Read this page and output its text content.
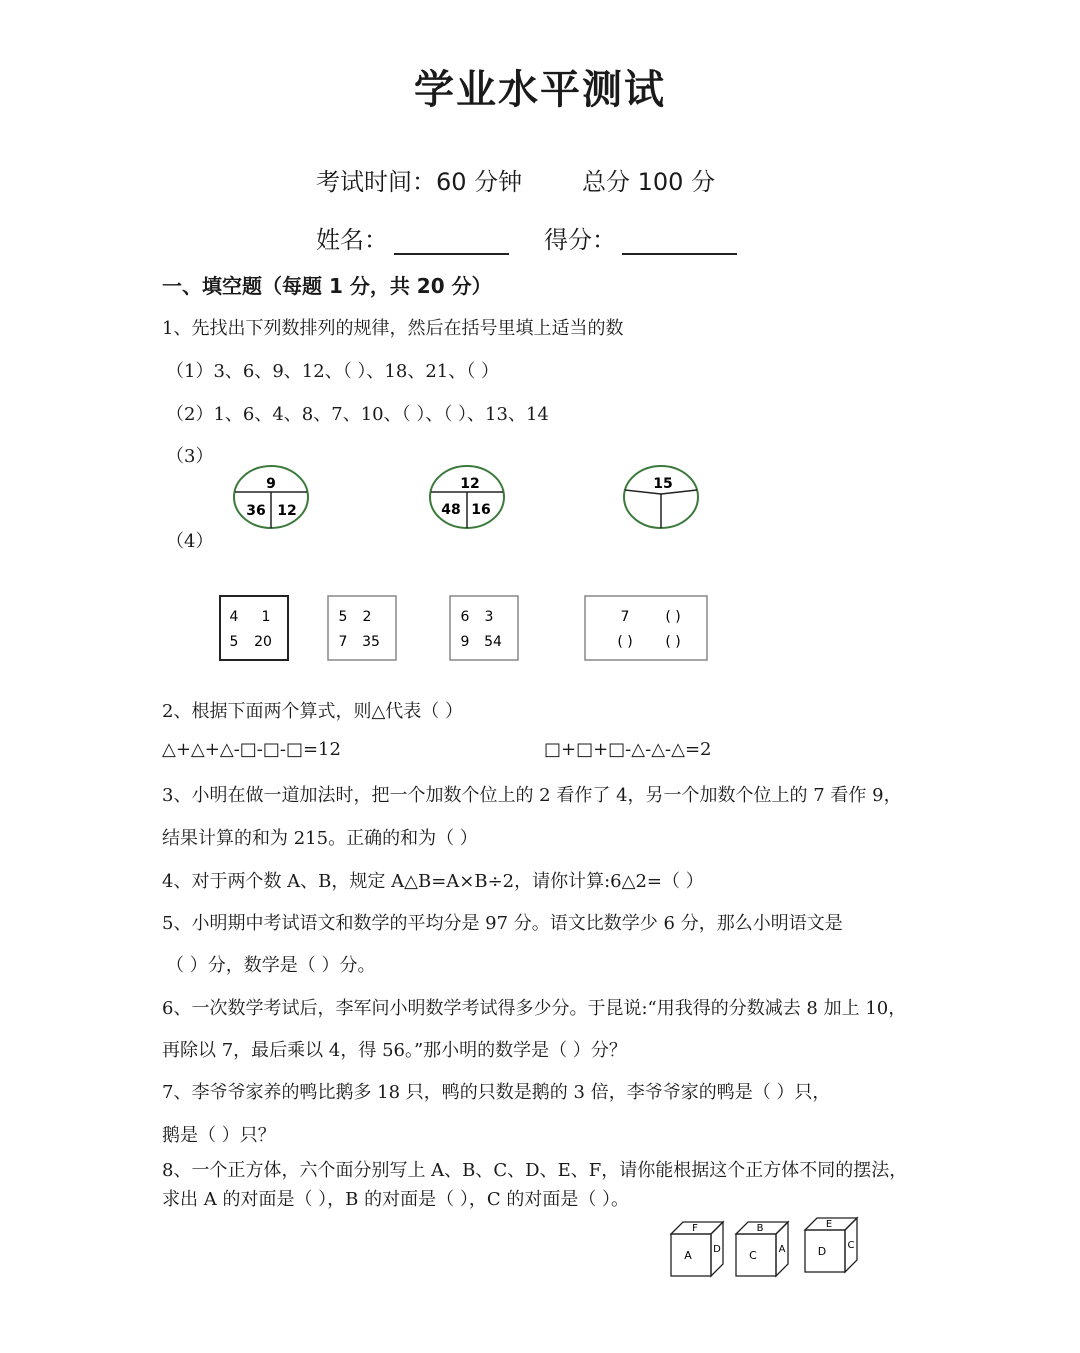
学业水平测试
考试时间：60 分钟 总分 100 分
姓名：	得分：
一、填空题（每题 1 分，共 20 分）
1、先找出下列数排列的规律，然后在括号里填上适当的数
（1）3、6、9、12、（ ）、18、21、（ ）
（2）1、6、4、8、7、10、（ ）、（ ）、13、14
（3）
（4）
9
36 12
12
48 16
15
4 1
5 20
5 2
7 35
6 3
9 54
7	( )
( ) ( )
2、根据下面两个算式，则△代表（ ）
△+△+△-□-□-□=12	□+□+□-△-△-△=2
3、小明在做一道加法时，把一个加数个位上的 2 看作了 4，另一个加数个位上的 7 看作 9，
结果计算的和为 215。正确的和为（ ）
4、对于两个数 A、B，规定 A△B=A×B÷2，请你计算:6△2=（ ）
5、小明期中考试语文和数学的平均分是 97 分。语文比数学少 6 分，那么小明语文是
（ ）分，数学是（ ）分。
6、一次数学考试后，李军问小明数学考试得多少分。于昆说:“用我得的分数减去 8 加上 10，
再除以 7，最后乘以 4，得 56。”那小明的数学是（ ）分？
7、李爷爷家养的鸭比鹅多 18 只，鸭的只数是鹅的 3 倍，李爷爷家的鸭是（ ）只，
鹅是（ ）只？
8、一个正方体，六个面分别写上 A、B、C、D、E、F，请你能根据这个正方体不同的摆法，
求出 A 的对面是（ ），B 的对面是（ ），C 的对面是（ ）。
F
A D
B
C A
E
D C
